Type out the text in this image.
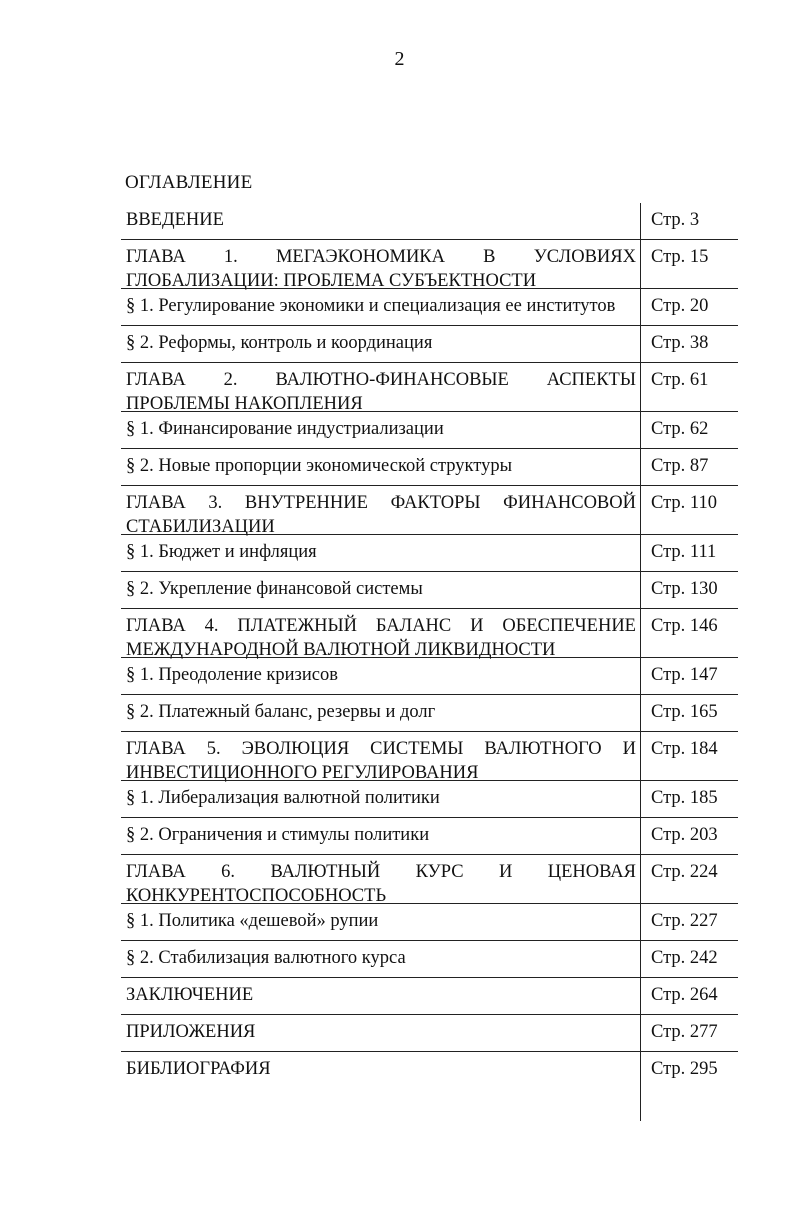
2
ОГЛАВЛЕНИЕ
ВВЕДЕНИЕ	Стр. 3
ГЛАВА 1. МЕГАЭКОНОМИКА В УСЛОВИЯХ ГЛОБАЛИЗАЦИИ: ПРОБЛЕМА СУБЪЕКТНОСТИ
Стр. 15
§ 1. Регулирование экономики и специализация ее институтов	Стр. 20
§ 2. Реформы, контроль и координация	Стр. 38
ГЛАВА 2. ВАЛЮТНО-ФИНАНСОВЫЕ АСПЕКТЫ ПРОБЛЕМЫ НАКОПЛЕНИЯ
Стр. 61
§ 1. Финансирование индустриализации	Стр. 62
§ 2. Новые пропорции экономической структуры	Стр. 87
ГЛАВА 3. ВНУТРЕННИЕ ФАКТОРЫ ФИНАНСОВОЙ СТАБИЛИЗАЦИИ
Стр. 110
§ 1. Бюджет и инфляция	Стр. 111
§ 2. Укрепление финансовой системы	Стр. 130
ГЛАВА 4. ПЛАТЕЖНЫЙ БАЛАНС И ОБЕСПЕЧЕНИЕ МЕЖДУНАРОДНОЙ ВАЛЮТНОЙ ЛИКВИДНОСТИ
Стр. 146
§ 1. Преодоление кризисов	Стр. 147
§ 2. Платежный баланс, резервы и долг	Стр. 165
ГЛАВА 5. ЭВОЛЮЦИЯ СИСТЕМЫ ВАЛЮТНОГО И ИНВЕСТИЦИОННОГО РЕГУЛИРОВАНИЯ
Стр. 184
§ 1. Либерализация валютной политики	Стр. 185
§ 2. Ограничения и стимулы политики	Стр. 203
ГЛАВА 6. ВАЛЮТНЫЙ КУРС И ЦЕНОВАЯ КОНКУРЕНТОСПОСОБНОСТЬ
Стр. 224
§ 1. Политика «дешевой» рупии	Стр. 227
§ 2. Стабилизация валютного курса	Стр. 242
ЗАКЛЮЧЕНИЕ	Стр. 264
ПРИЛОЖЕНИЯ	Стр. 277
БИБЛИОГРАФИЯ	Стр. 295
